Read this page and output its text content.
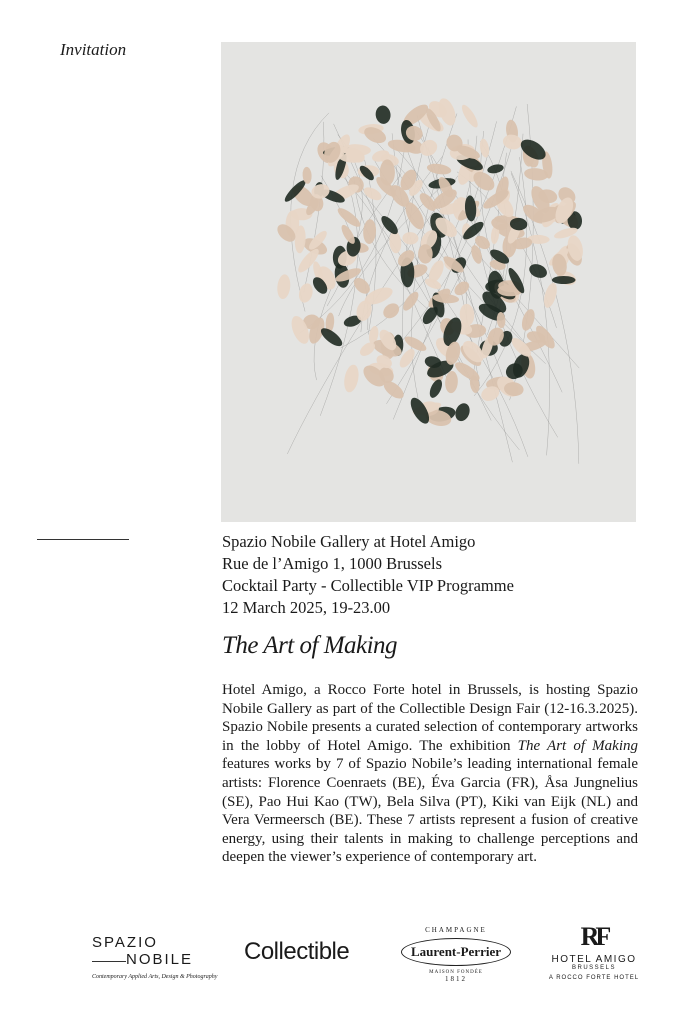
Invitation
Spazio Nobile Gallery at Hotel Amigo
Rue de l’Amigo 1, 1000 Brussels
Cocktail Party - Collectible VIP Programme
12 March 2025, 19-23.00
The Art of Making
Hotel Amigo, a Rocco Forte hotel in Brussels, is hosting Spazio Nobile Gallery as part of the Collectible Design Fair (12-16.3.2025). Spazio Nobile presents a curated selection of contemporary artworks in the lobby of Hotel Amigo. The exhibition The Art of Making features works by 7 of Spazio Nobile’s leading international female artists: Florence Coenraets (BE), Éva Garcia (FR), Åsa Jungnelius (SE), Pao Hui Kao (TW), Bela Silva (PT), Kiki van Eijk (NL) and Vera Vermeersch (BE). These 7 artists represent a fusion of creative energy, using their talents in making to challenge perceptions and deepen the viewer’s experience of contemporary art.
SPAZIO
NOBILE
Contemporary Applied Arts, Design & Photography
Collectible
CHAMPAGNE
Laurent-Perrier
MAISON FONDÉE
1812
RF
HOTEL AMIGO
BRUSSELS
A ROCCO FORTE HOTEL
